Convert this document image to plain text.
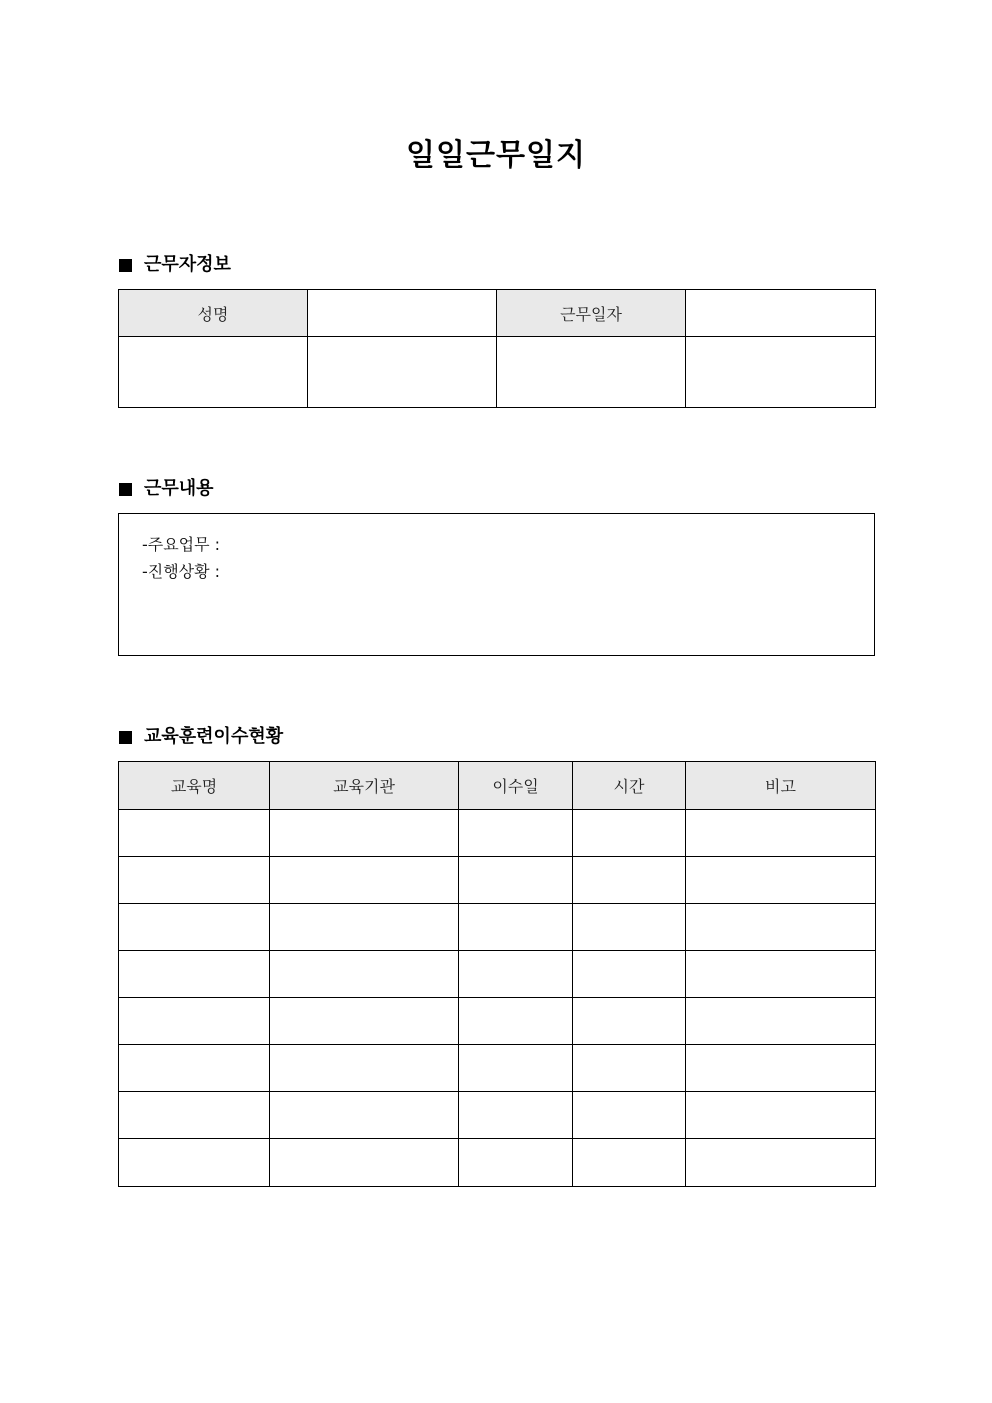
일일근무일지
근무자정보
성명		근무일자	

근무내용
-주요업무 :
-진행상황 :
교육훈련이수현황
교육명	교육기관	이수일	시간	비고
